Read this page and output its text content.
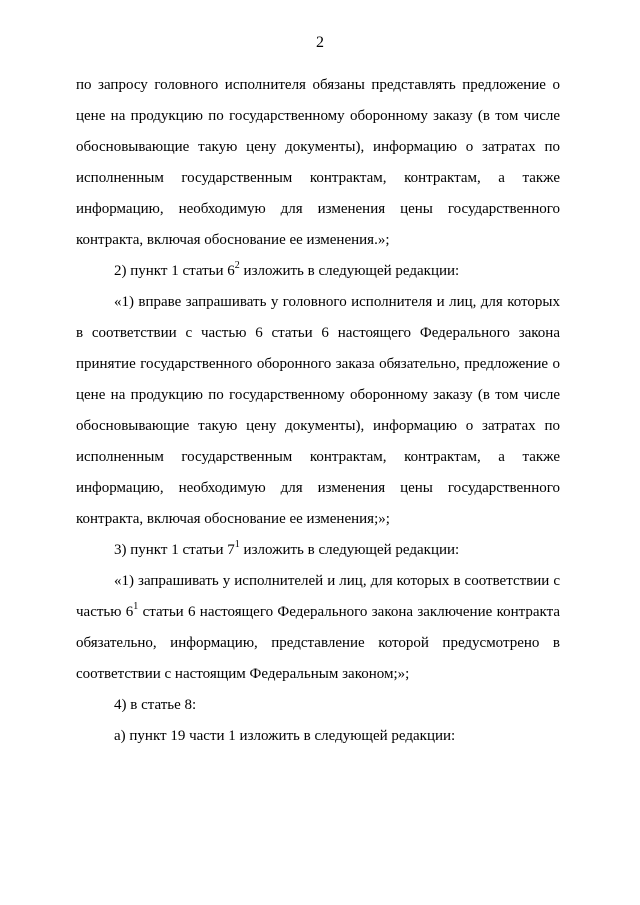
2
по запросу головного исполнителя обязаны представлять предложение о
цене на продукцию по государственному оборонному заказу (в том числе
обосновывающие такую цену документы), информацию о затратах по
исполненным государственным контрактам, контрактам, а также
информацию, необходимую для изменения цены государственного
контракта, включая обоснование ее изменения.»;
2) пункт 1 статьи $6^2$ изложить в следующей редакции:
«1) вправе запрашивать у головного исполнителя и лиц, для которых
в соответствии с частью 6 статьи 6 настоящего Федерального закона
принятие государственного оборонного заказа обязательно, предложение о
цене на продукцию по государственному оборонному заказу (в том числе
обосновывающие такую цену документы), информацию о затратах по
исполненным государственным контрактам, контрактам, а также
информацию, необходимую для изменения цены государственного
контракта, включая обоснование ее изменения;»;
3) пункт 1 статьи $7^1$ изложить в следующей редакции:
«1) запрашивать у исполнителей и лиц, для которых в соответствии с
частью $6^1$ статьи 6 настоящего Федерального закона заключение контракта
обязательно, информацию, представление которой предусмотрено в
соответствии с настоящим Федеральным законом;»;
4) в статье 8:
а) пункт 19 части 1 изложить в следующей редакции:
